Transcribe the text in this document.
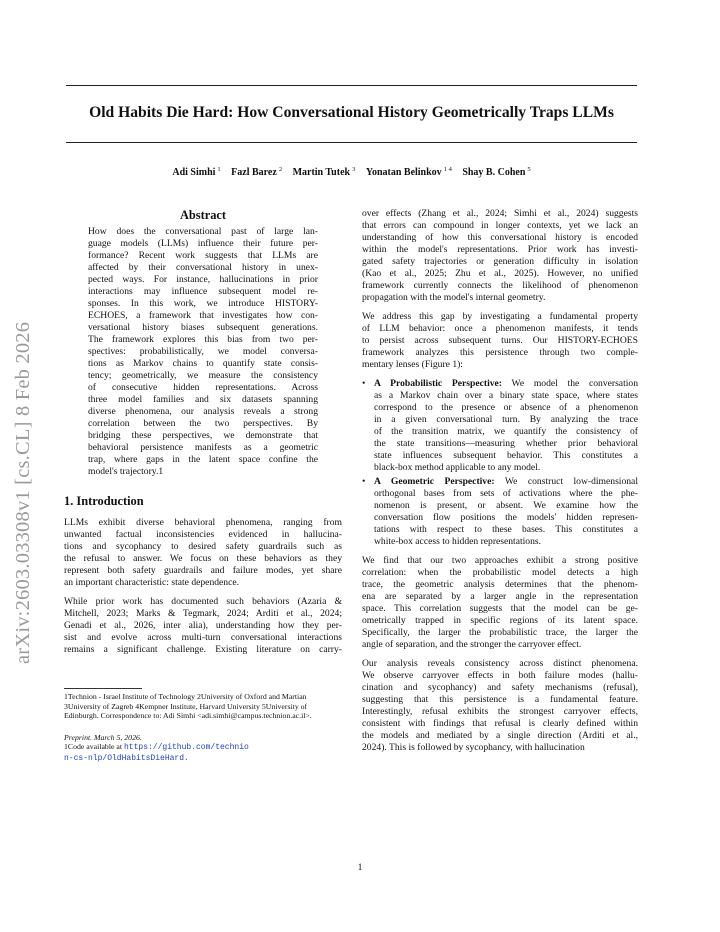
Old Habits Die Hard: How Conversational History Geometrically Traps LLMs
Adi Simhi $^1$ Fazl Barez $^2$ Martin Tutek $^3$ Yonatan Belinkov $^{1 4}$ Shay B. Cohen $^5$
arXiv:2603.03308v1 [cs.CL] 8 Feb 2026
Abstract
How does the conversational past of large lan-
guage models (LLMs) influence their future per-
formance? Recent work suggests that LLMs are
affected by their conversational history in unex-
pected ways. For instance, hallucinations in prior
interactions may influence subsequent model re-
sponses. In this work, we introduce HISTORY-
ECHOES, a framework that investigates how con-
versational history biases subsequent generations.
The framework explores this bias from two per-
spectives: probabilistically, we model conversa-
tions as Markov chains to quantify state consis-
tency; geometrically, we measure the consistency
of consecutive hidden representations. Across
three model families and six datasets spanning
diverse phenomena, our analysis reveals a strong
correlation between the two perspectives. By
bridging these perspectives, we demonstrate that
behavioral persistence manifests as a geometric
trap, where gaps in the latent space confine the
model's trajectory.1
1. Introduction

LLMs exhibit diverse behavioral phenomena, ranging from
unwanted factual inconsistencies evidenced in hallucina-
tions and sycophancy to desired safety guardrails such as
the refusal to answer. We focus on these behaviors as they
represent both safety guardrails and failure modes, yet share
an important characteristic: state dependence.

While prior work has documented such behaviors (Azaria &
Mitchell, 2023; Marks & Tegmark, 2024; Arditi et al., 2024;
Genadi et al., 2026, inter alia), understanding how they per-
sist and evolve across multi-turn conversational interactions
remains a significant challenge. Existing literature on carry-

1Technion - Israel Institute of Technology 2University of Oxford and Martian 3University of Zagreb 4Kempner Institute, Harvard University 5University of Edinburgh. Correspondence to: Adi Simhi <adi.simhi@campus.technion.ac.il>.

Preprint. March 5, 2026.

1Code available at https://github.com/technio
n-cs-nlp/OldHabitsDieHard.

over effects (Zhang et al., 2024; Simhi et al., 2024) suggests
that errors can compound in longer contexts, yet we lack an
understanding of how this conversational history is encoded
within the model's representations. Prior work has investi-
gated safety trajectories or generation difficulty in isolation
(Kao et al., 2025; Zhu et al., 2025). However, no unified
framework currently connects the likelihood of phenomenon
propagation with the model's internal geometry.

We address this gap by investigating a fundamental property
of LLM behavior: once a phenomenon manifests, it tends
to persist across subsequent turns. Our HISTORY-ECHOES
framework analyzes this persistence through two comple-
mentary lenses (Figure 1):

• A Probabilistic Perspective: We model the conversation
as a Markov chain over a binary state space, where states
correspond to the presence or absence of a phenomenon
in a given conversational turn. By analyzing the trace
of the transition matrix, we quantify the consistency of
the state transitions—measuring whether prior behavioral
state influences subsequent behavior. This constitutes a
black-box method applicable to any model.
• A Geometric Perspective: We construct low-dimensional
orthogonal bases from sets of activations where the phe-
nomenon is present, or absent. We examine how the
conversation flow positions the models' hidden represen-
tations with respect to these bases. This constitutes a
white-box access to hidden representations.

We find that our two approaches exhibit a strong positive
correlation: when the probabilistic model detects a high
trace, the geometric analysis determines that the phenom-
ena are separated by a larger angle in the representation
space. This correlation suggests that the model can be ge-
ometrically trapped in specific regions of its latent space.
Specifically, the larger the probabilistic trace, the larger the
angle of separation, and the stronger the carryover effect.

Our analysis reveals consistency across distinct phenomena.
We observe carryover effects in both failure modes (hallu-
cination and sycophancy) and safety mechanisms (refusal),
suggesting that this persistence is a fundamental feature.
Interestingly, refusal exhibits the strongest carryover effects,
consistent with findings that refusal is clearly defined within
the models and mediated by a single direction (Arditi et al.,
2024). This is followed by sycophancy, with hallucination

1
